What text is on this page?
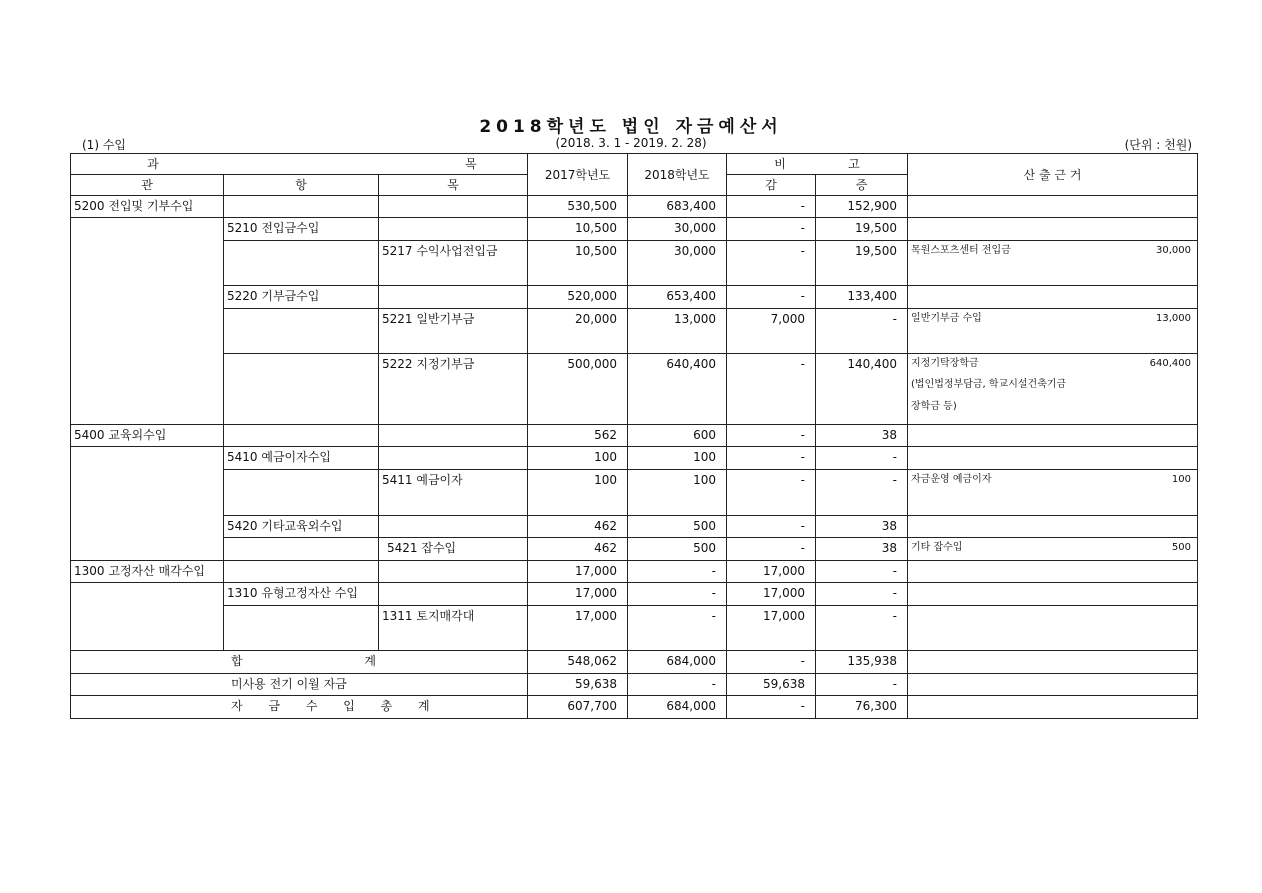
2018학년도 법인 자금예산서
(1) 수입	(2018. 3. 1 - 2019. 2. 28)	(단위 : 천원)
과 목			2017학년도	2018학년도	비 고		산 출 근 거
관	항	목			감	증	
5200 전입및 기부수입			530,500	683,400	-	152,900	
	5210 전입금수입		10,500	30,000	-	19,500	
		5217 수익사업전입금	10,500	30,000	-	19,500	목원스포츠센터 전입금 30,000

	5220 기부금수입		520,000	653,400	-	133,400	
		5221 일반기부금	20,000	13,000	7,000	-	일반기부금 수입 13,000

		5222 지정기부금	500,000	640,400	-	140,400	지정기탁장학금 640,400
(법인법정부담금, 학교시설건축기금
장학금 등)

5400 교육외수입			562	600	-	38	
	5410 예금이자수입		100	100	-	-	
		5411 예금이자	100	100	-	-	자금운영 예금이자 100

	5420 기타교육외수입		462	500	-	38	
		5421 잡수입	462	500	-	38	기타 잡수입 500

1300 고정자산 매각수입			17,000	-	17,000	-	
	1310 유형고정자산 수입		17,000	-	17,000	-	
		1311 토지매각대	17,000	-	17,000	-	
합 계			548,062	684,000	-	135,938	
미사용 전기 이월 자금			59,638	-	59,638	-	
자 금 수 입 총 계			607,700	684,000	-	76,300	
